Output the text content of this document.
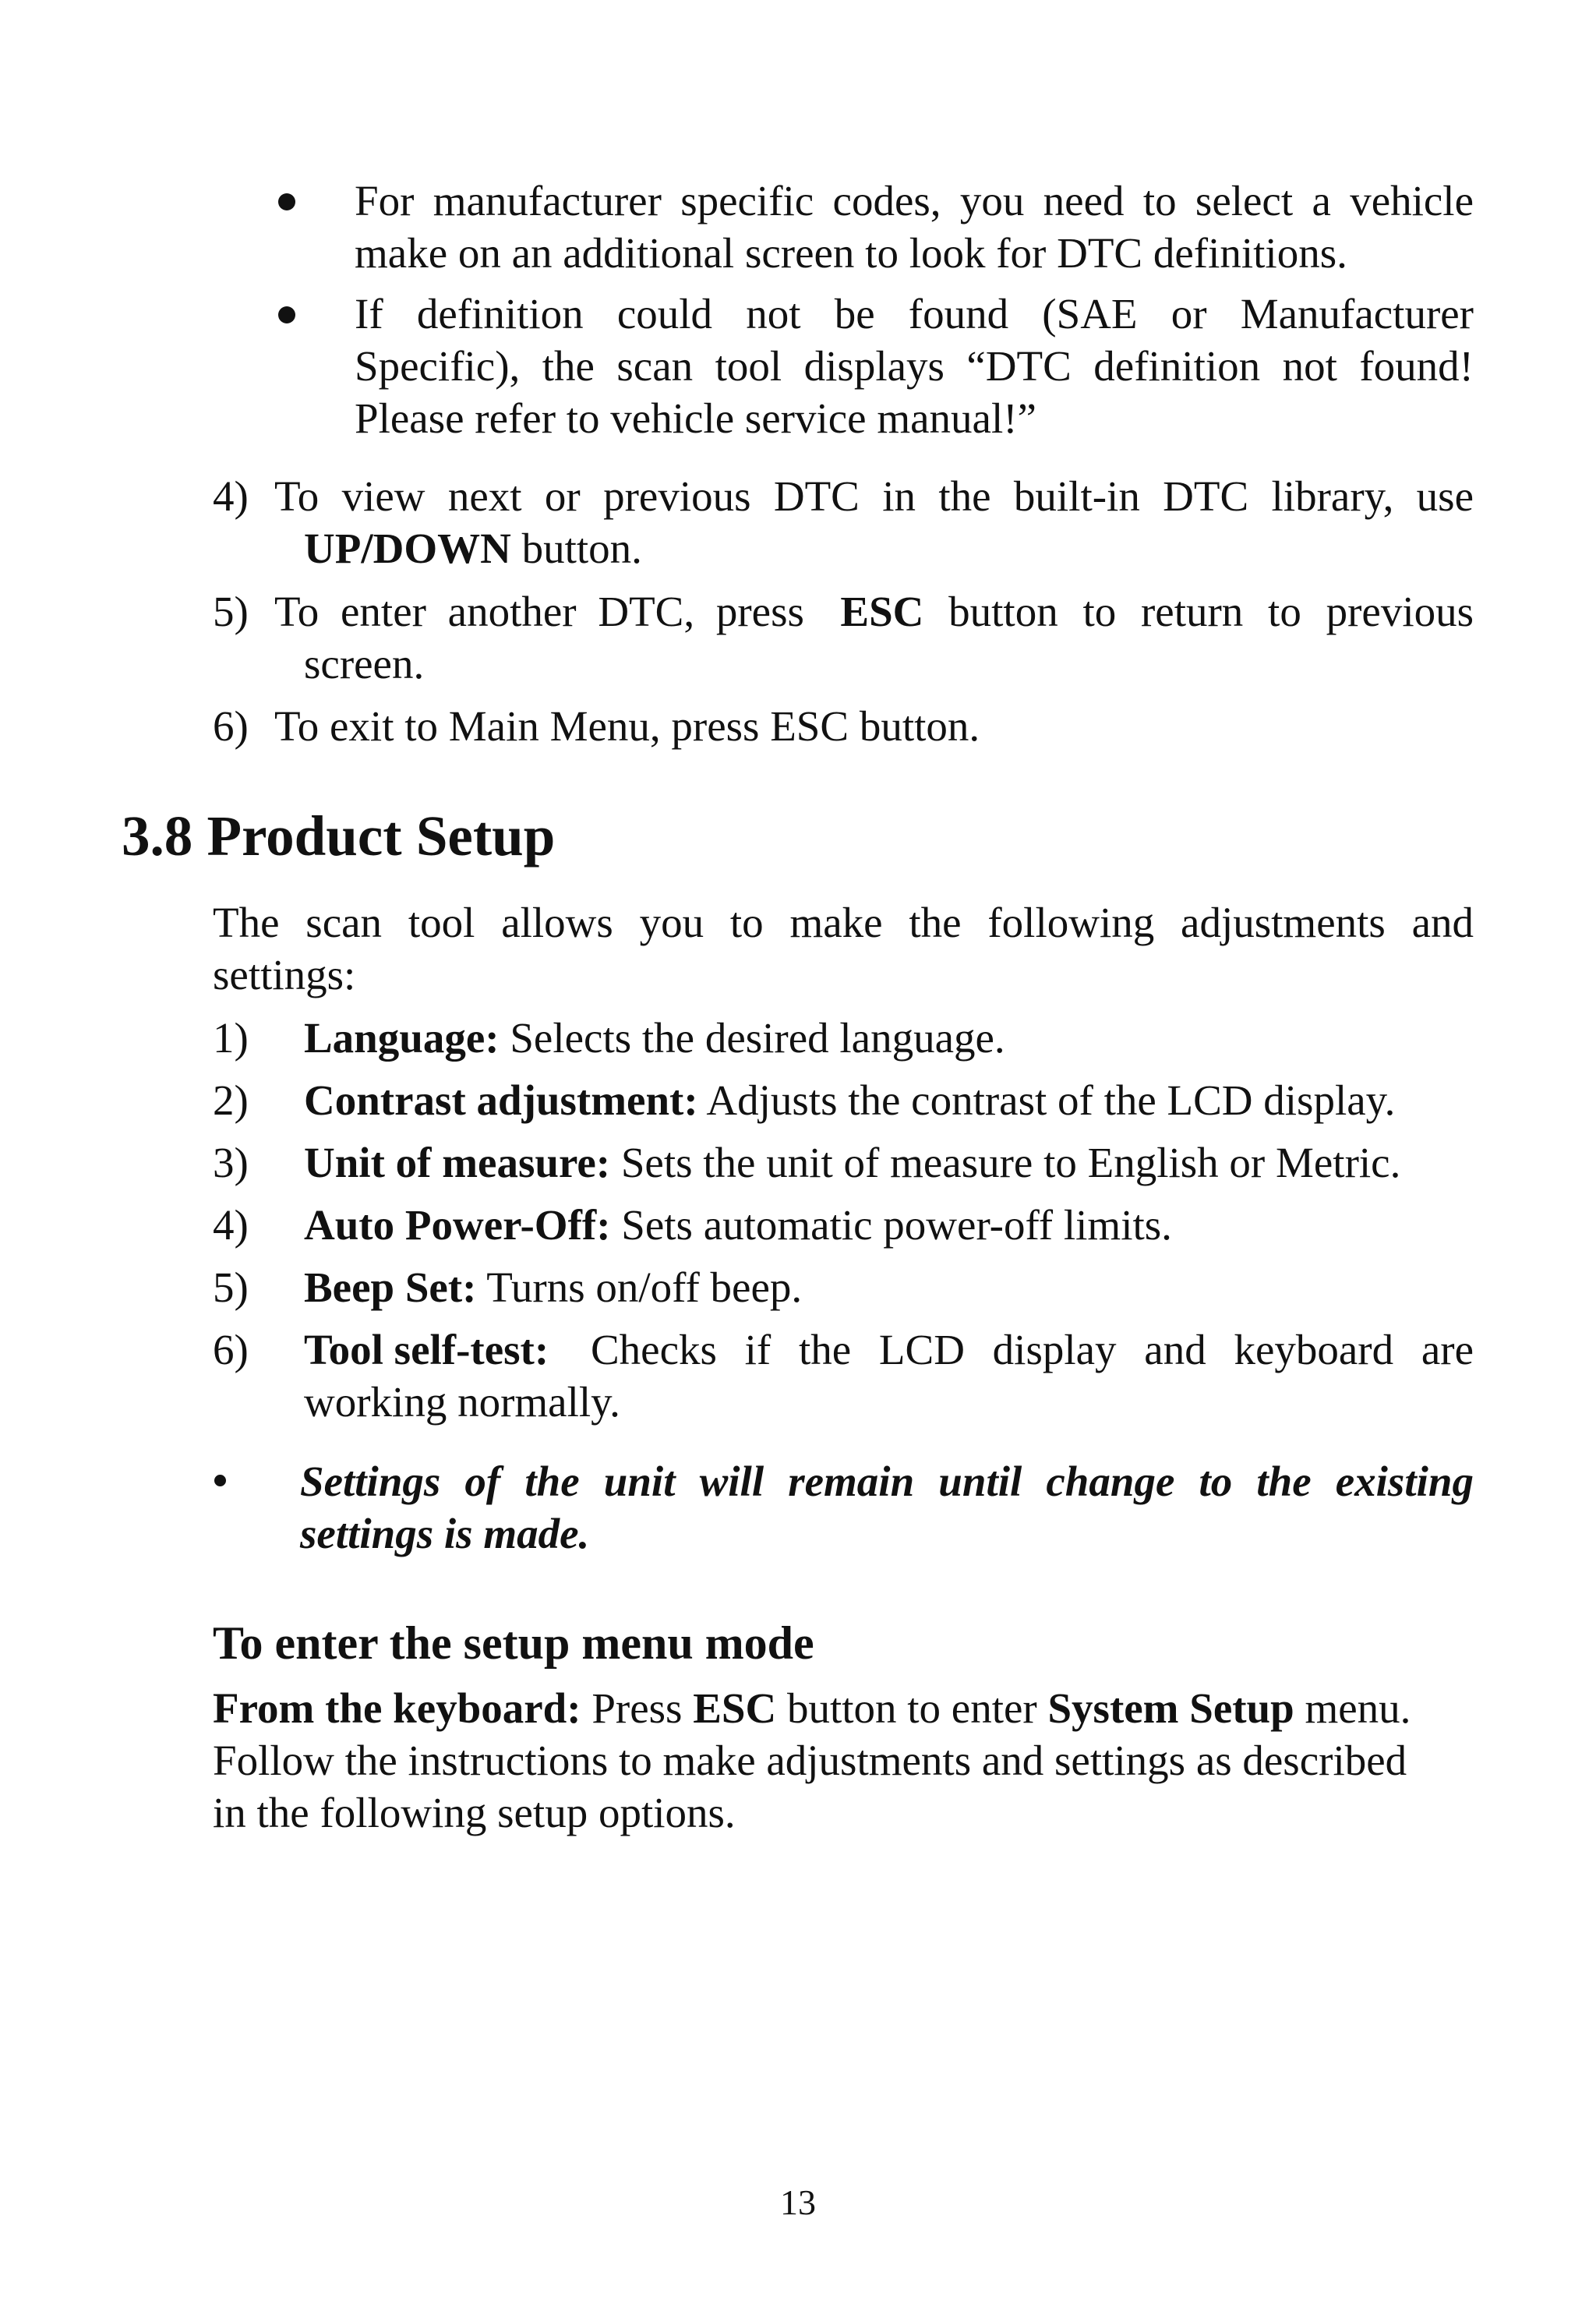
For manufacturer specific codes, you need to select a vehicle

make on an additional screen to look for DTC definitions.

If definition could not be found (SAE or Manufacturer

Specific), the scan tool displays “DTC definition not found!

Please refer to vehicle service manual!”

4) To view next or previous DTC in the built-in DTC library, use

UP/DOWN button.

5) To enter another DTC, press ESC button to return to previous

screen.

6) To exit to Main Menu, press ESC button.

3.8 Product Setup

The scan tool allows you to make the following adjustments and

settings:

1) Language: Selects the desired language.

2) Contrast adjustment: Adjusts the contrast of the LCD display.

3) Unit of measure: Sets the unit of measure to English or Metric.

4) Auto Power-Off: Sets automatic power-off limits.

5) Beep Set: Turns on/off beep.

6) Tool self-test: Checks if the LCD display and keyboard are

working normally.

Settings of the unit will remain until change to the existing

settings is made.

To enter the setup menu mode

From the keyboard: Press ESC button to enter System Setup menu.

Follow the instructions to make adjustments and settings as described

in the following setup options.

13
